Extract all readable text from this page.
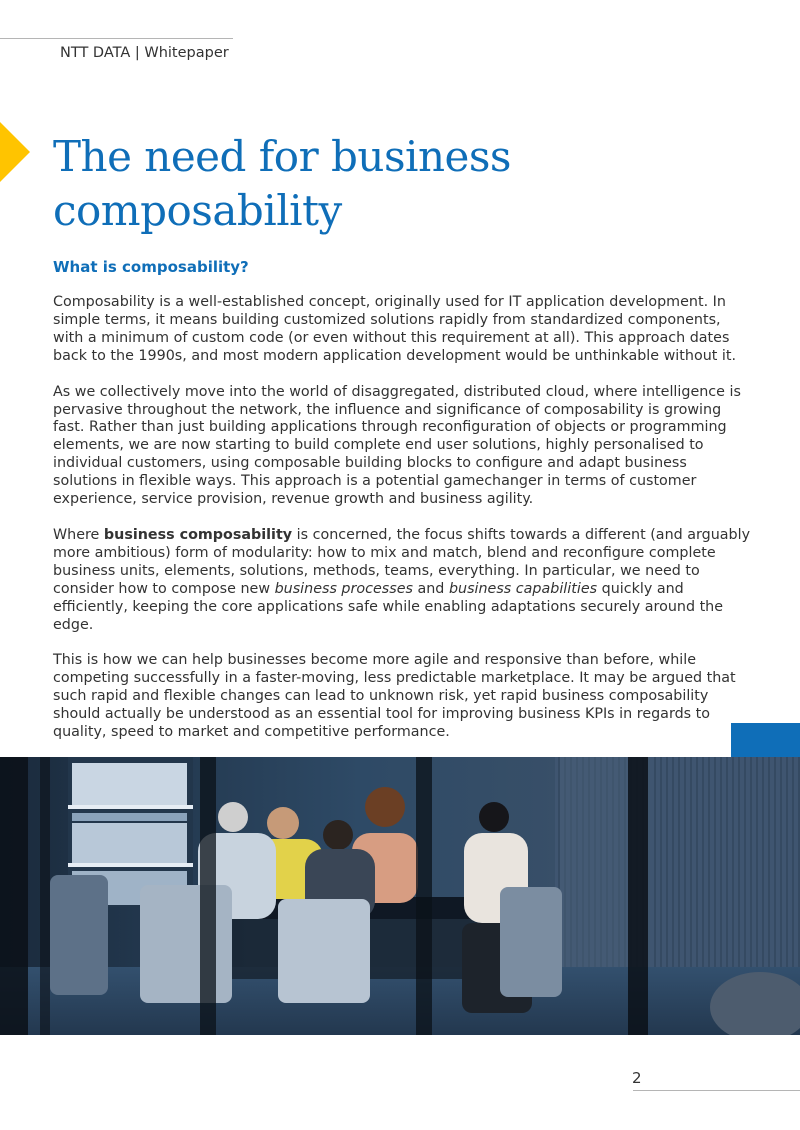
NTT DATA | Whitepaper
The need for business composability
What is composability?

Composability is a well-established concept, originally used for IT application development. In simple terms, it means building customized solutions rapidly from standardized components, with a minimum of custom code (or even without this requirement at all). This approach dates back to the 1990s, and most modern application development would be unthinkable without it.

As we collectively move into the world of disaggregated, distributed cloud, where intelligence is pervasive throughout the network, the influence and significance of composability is growing fast. Rather than just building applications through reconfiguration of objects or programming elements, we are now starting to build complete end user solutions, highly personalised to individual customers, using composable building blocks to configure and adapt business solutions in flexible ways. This approach is a potential gamechanger in terms of customer experience, service provision, revenue growth and business agility.

Where business composability is concerned, the focus shifts towards a different (and arguably more ambitious) form of modularity: how to mix and match, blend and reconfigure complete business units, elements, solutions, methods, teams, everything. In particular, we need to consider how to compose new business processes and business capabilities quickly and efficiently, keeping the core applications safe while enabling adaptations securely around the edge.

This is how we can help businesses become more agile and responsive than before, while competing successfully in a faster-moving, less predictable marketplace. It may be argued that such rapid and flexible changes can lead to unknown risk, yet rapid business composability should actually be understood as an essential tool for improving business KPIs in regards to quality, speed to market and competitive performance.

2
